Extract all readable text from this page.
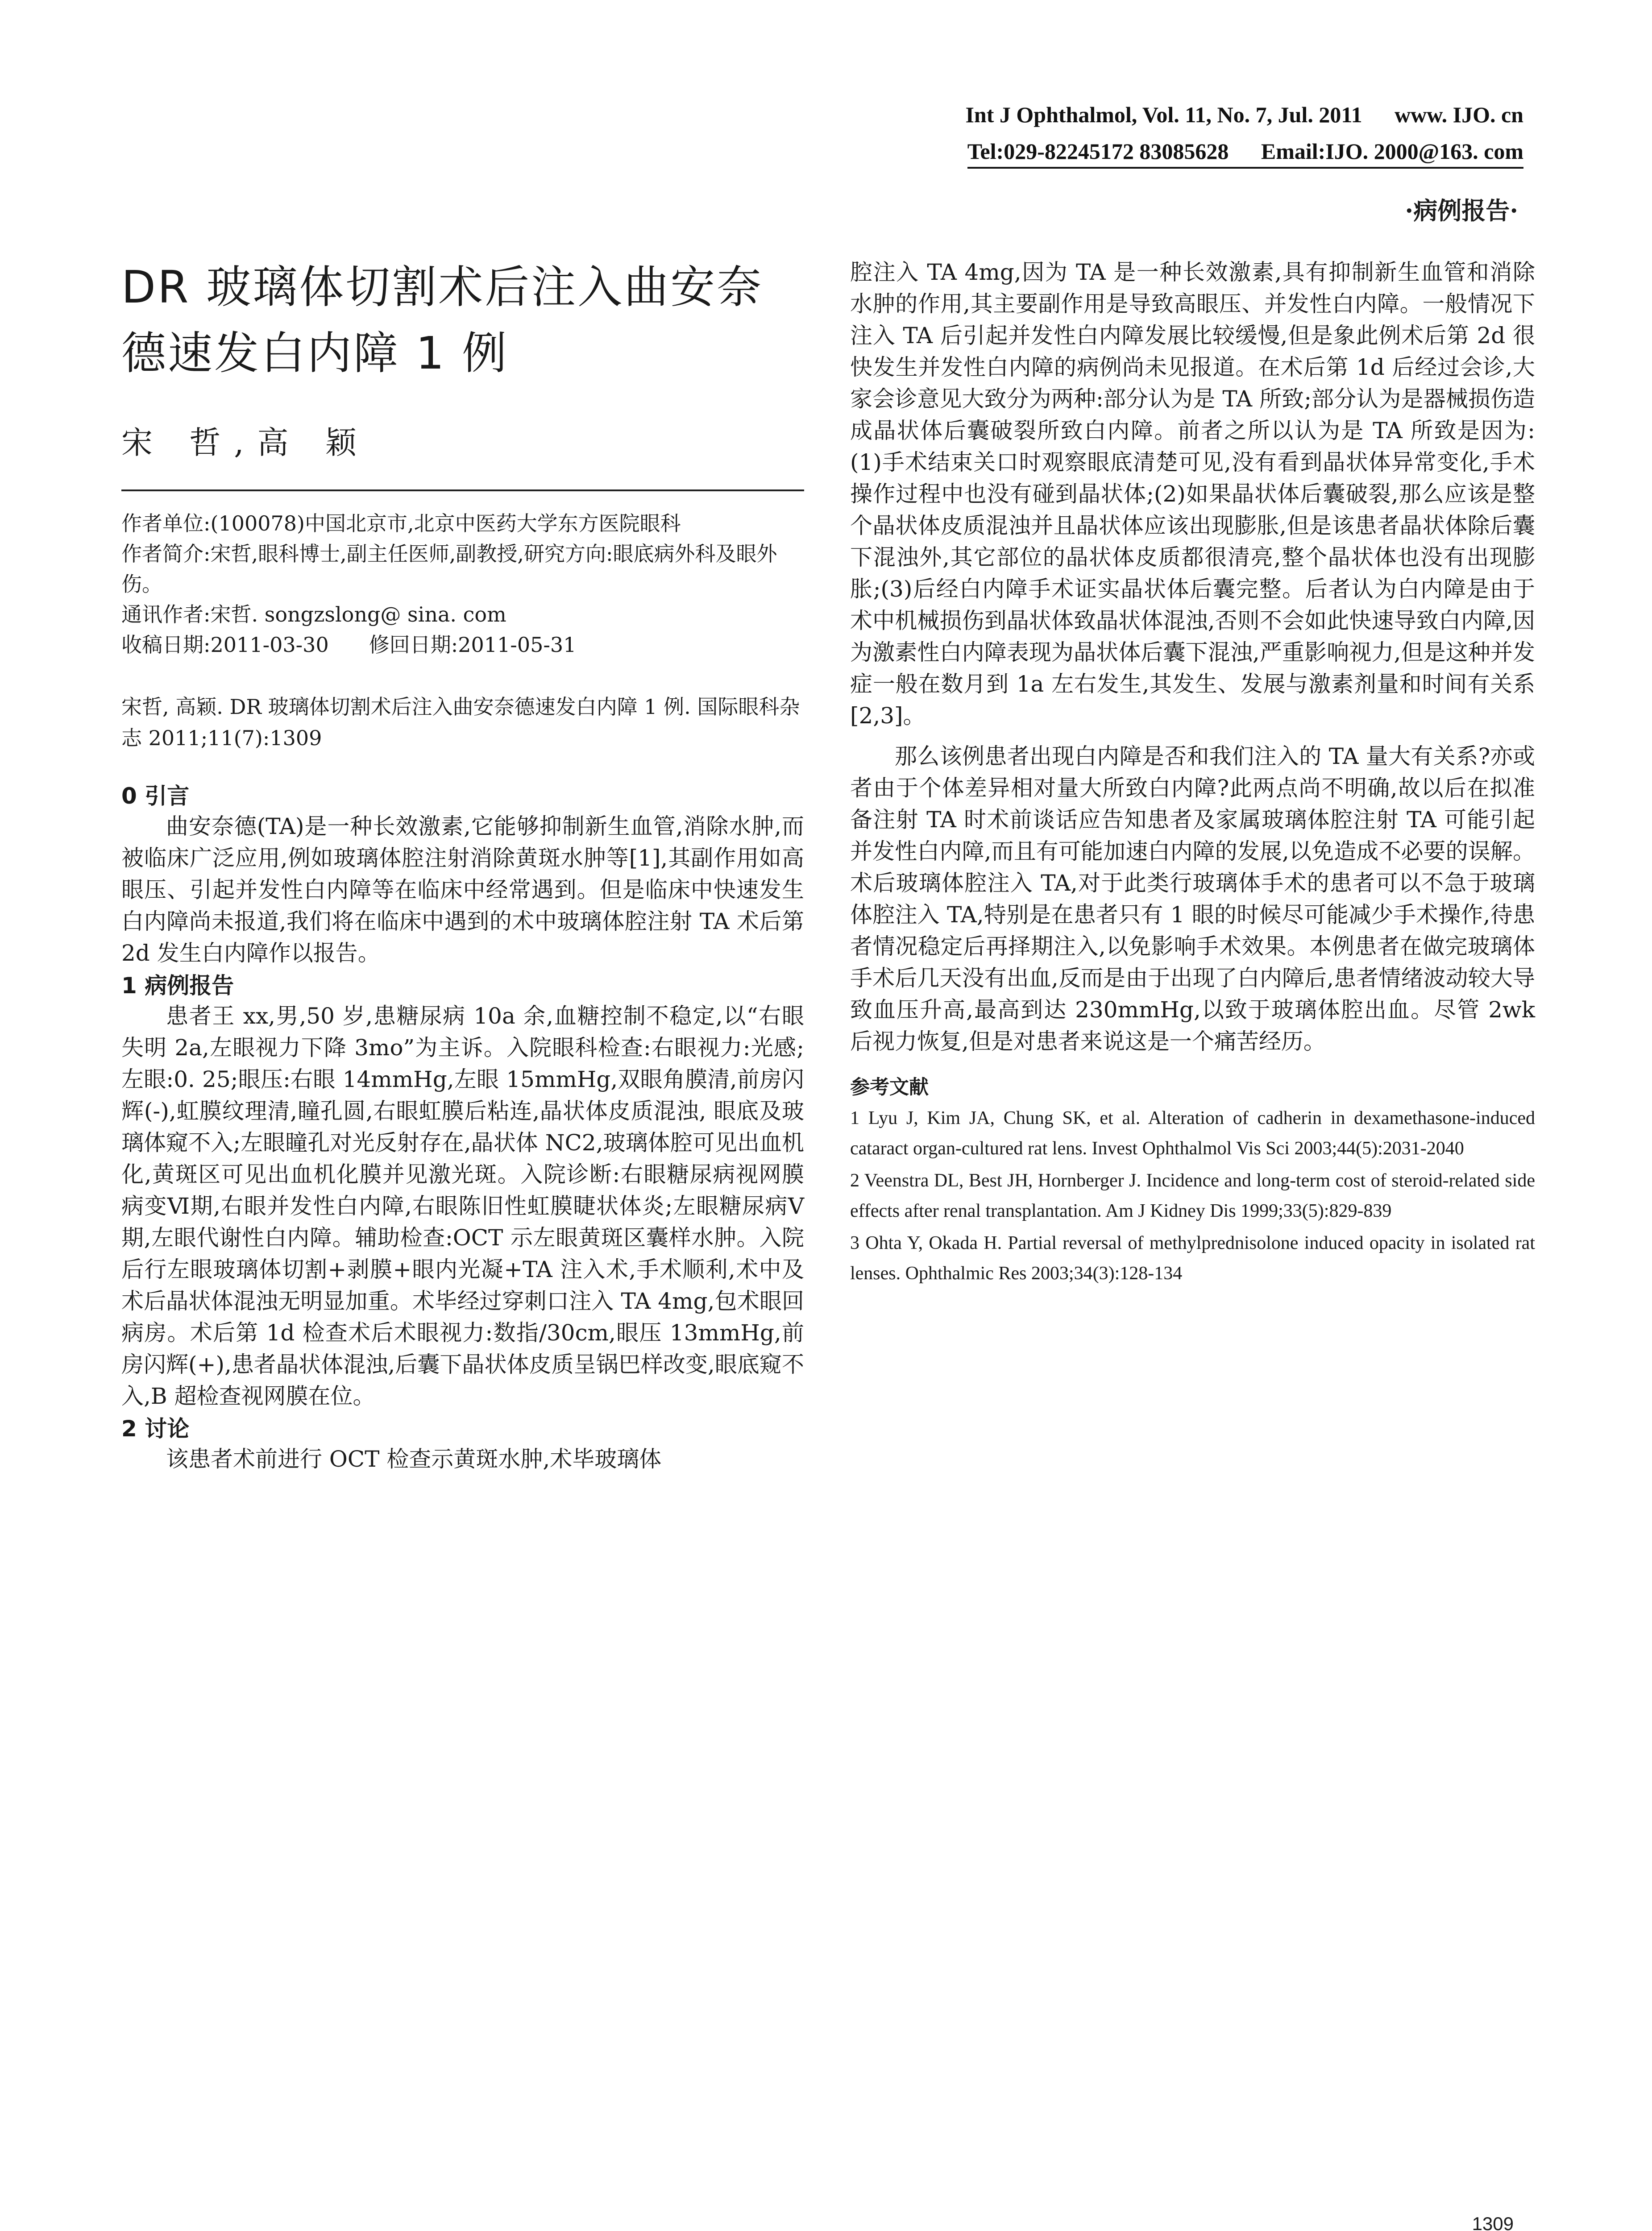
Int J Ophthalmol, Vol. 11, No. 7, Jul. 2011 www. IJO. cn
Tel:029-82245172 83085628 Email:IJO. 2000@163. com
·病例报告·
DR 玻璃体切割术后注入曲安奈德速发白内障 1 例
宋 哲,高 颖

作者单位:(100078)中国北京市,北京中医药大学东方医院眼科

作者简介:宋哲,眼科博士,副主任医师,副教授,研究方向:眼底病外科及眼外伤。

通讯作者:宋哲. songzslong@ sina. com

收稿日期:2011-03-30 修回日期:2011-05-31

宋哲, 高颖. DR 玻璃体切割术后注入曲安奈德速发白内障 1 例. 国际眼科杂志 2011;11(7):1309

0 引言

曲安奈德(TA)是一种长效激素,它能够抑制新生血管,消除水肿,而被临床广泛应用,例如玻璃体腔注射消除黄斑水肿等[1],其副作用如高眼压、引起并发性白内障等在临床中经常遇到。但是临床中快速发生白内障尚未报道,我们将在临床中遇到的术中玻璃体腔注射 TA 术后第 2d 发生白内障作以报告。

1 病例报告

患者王 xx,男,50 岁,患糖尿病 10a 余,血糖控制不稳定,以“右眼失明 2a,左眼视力下降 3mo”为主诉。入院眼科检查:右眼视力:光感;左眼:0. 25;眼压:右眼 14mmHg,左眼 15mmHg,双眼角膜清,前房闪辉(-),虹膜纹理清,瞳孔圆,右眼虹膜后粘连,晶状体皮质混浊, 眼底及玻璃体窥不入;左眼瞳孔对光反射存在,晶状体 NC2,玻璃体腔可见出血机化,黄斑区可见出血机化膜并见激光斑。入院诊断:右眼糖尿病视网膜病变Ⅵ期,右眼并发性白内障,右眼陈旧性虹膜睫状体炎;左眼糖尿病Ⅴ期,左眼代谢性白内障。辅助检查:OCT 示左眼黄斑区囊样水肿。入院后行左眼玻璃体切割+剥膜+眼内光凝+TA 注入术,手术顺利,术中及术后晶状体混浊无明显加重。术毕经过穿刺口注入 TA 4mg,包术眼回病房。术后第 1d 检查术后术眼视力:数指/30cm,眼压 13mmHg,前房闪辉(+),患者晶状体混浊,后囊下晶状体皮质呈锅巴样改变,眼底窥不入,B 超检查视网膜在位。

2 讨论

该患者术前进行 OCT 检查示黄斑水肿,术毕玻璃体

腔注入 TA 4mg,因为 TA 是一种长效激素,具有抑制新生血管和消除水肿的作用,其主要副作用是导致高眼压、并发性白内障。一般情况下注入 TA 后引起并发性白内障发展比较缓慢,但是象此例术后第 2d 很快发生并发性白内障的病例尚未见报道。在术后第 1d 后经过会诊,大家会诊意见大致分为两种:部分认为是 TA 所致;部分认为是器械损伤造成晶状体后囊破裂所致白内障。前者之所以认为是 TA 所致是因为:(1)手术结束关口时观察眼底清楚可见,没有看到晶状体异常变化,手术操作过程中也没有碰到晶状体;(2)如果晶状体后囊破裂,那么应该是整个晶状体皮质混浊并且晶状体应该出现膨胀,但是该患者晶状体除后囊下混浊外,其它部位的晶状体皮质都很清亮,整个晶状体也没有出现膨胀;(3)后经白内障手术证实晶状体后囊完整。后者认为白内障是由于术中机械损伤到晶状体致晶状体混浊,否则不会如此快速导致白内障,因为激素性白内障表现为晶状体后囊下混浊,严重影响视力,但是这种并发症一般在数月到 1a 左右发生,其发生、发展与激素剂量和时间有关系[2,3]。

那么该例患者出现白内障是否和我们注入的 TA 量大有关系?亦或者由于个体差异相对量大所致白内障?此两点尚不明确,故以后在拟准备注射 TA 时术前谈话应告知患者及家属玻璃体腔注射 TA 可能引起并发性白内障,而且有可能加速白内障的发展,以免造成不必要的误解。术后玻璃体腔注入 TA,对于此类行玻璃体手术的患者可以不急于玻璃体腔注入 TA,特别是在患者只有 1 眼的时候尽可能减少手术操作,待患者情况稳定后再择期注入,以免影响手术效果。本例患者在做完玻璃体手术后几天没有出血,反而是由于出现了白内障后,患者情绪波动较大导致血压升高,最高到达 230mmHg,以致于玻璃体腔出血。尽管 2wk 后视力恢复,但是对患者来说这是一个痛苦经历。

参考文献

1 Lyu J, Kim JA, Chung SK, et al. Alteration of cadherin in dexamethasone-induced cataract organ-cultured rat lens. Invest Ophthalmol Vis Sci 2003;44(5):2031-2040

2 Veenstra DL, Best JH, Hornberger J. Incidence and long-term cost of steroid-related side effects after renal transplantation. Am J Kidney Dis 1999;33(5):829-839

3 Ohta Y, Okada H. Partial reversal of methylprednisolone induced opacity in isolated rat lenses. Ophthalmic Res 2003;34(3):128-134

1309
